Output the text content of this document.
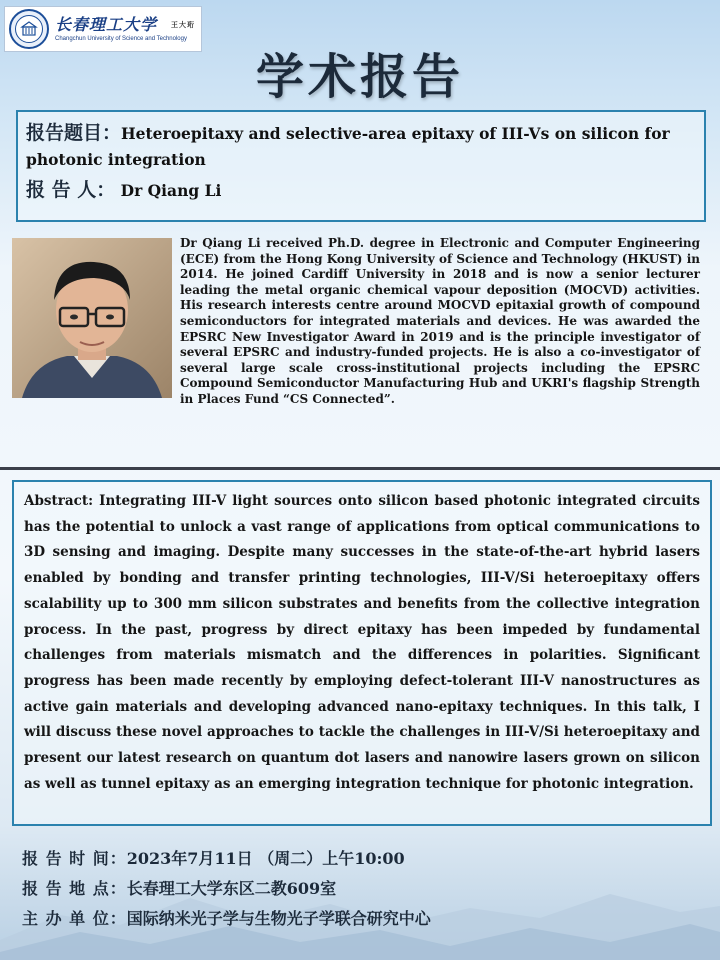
长春理工大学 王大珩
Changchun University of Science and Technology
学术报告
报告题目：Heteroepitaxy and selective-area epitaxy of III-Vs on silicon for photonic integration
报 告 人： Dr Qiang Li
Dr Qiang Li received Ph.D. degree in Electronic and Computer Engineering (ECE) from the Hong Kong University of Science and Technology (HKUST) in 2014. He joined Cardiff University in 2018 and is now a senior lecturer leading the metal organic chemical vapour deposition (MOCVD) activities. His research interests centre around MOCVD epitaxial growth of compound semiconductors for integrated materials and devices. He was awarded the EPSRC New Investigator Award in 2019 and is the principle investigator of several EPSRC and industry-funded projects. He is also a co-investigator of several large scale cross-institutional projects including the EPSRC Compound Semiconductor Manufacturing Hub and UKRI's flagship Strength in Places Fund “CS Connected”.
Abstract: Integrating III-V light sources onto silicon based photonic integrated circuits has the potential to unlock a vast range of applications from optical communications to 3D sensing and imaging. Despite many successes in the state-of-the-art hybrid lasers enabled by bonding and transfer printing technologies, III-V/Si heteroepitaxy offers scalability up to 300 mm silicon substrates and benefits from the collective integration process. In the past, progress by direct epitaxy has been impeded by fundamental challenges from materials mismatch and the differences in polarities. Significant progress has been made recently by employing defect-tolerant III-V nanostructures as active gain materials and developing advanced nano-epitaxy techniques. In this talk, I will discuss these novel approaches to tackle the challenges in III-V/Si heteroepitaxy and present our latest research on quantum dot lasers and nanowire lasers grown on silicon as well as tunnel epitaxy as an emerging integration technique for photonic integration.
报 告 时 间：2023年7月11日 （周二）上午10:00
报 告 地 点：长春理工大学东区二教609室
主 办 单 位：国际纳米光子学与生物光子学联合研究中心
